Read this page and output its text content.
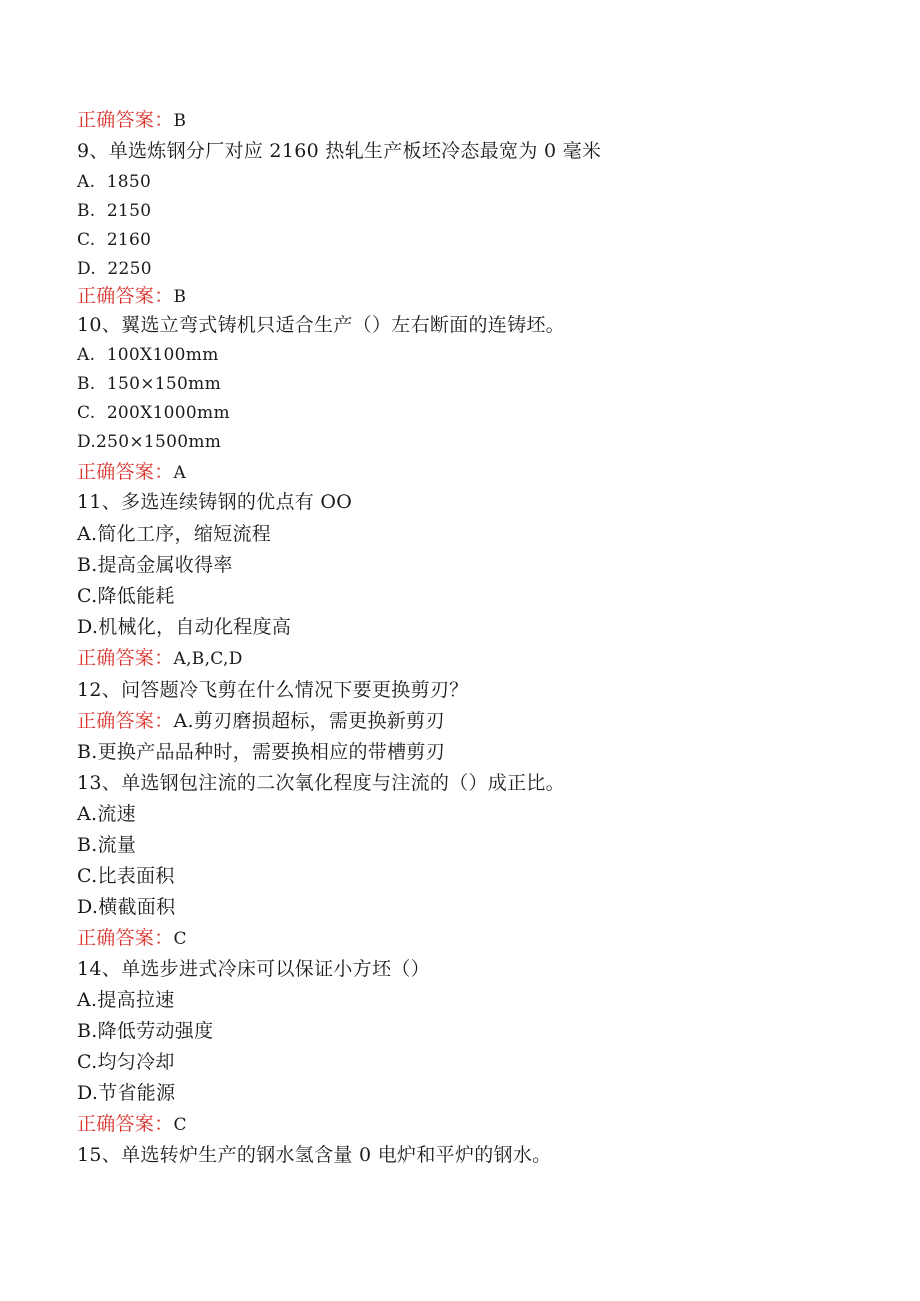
正确答案：B

9、单选炼钢分厂对应 2160 热轧生产板坯冷态最宽为 0 毫米

A.  1850

B.  2150

C.  2160

D.  2250

正确答案：B

10、翼选立弯式铸机只适合生产（）左右断面的连铸坯。

A.  100X100mm

B.  150×150mm

C.  200X1000mm

D.250×1500mm

正确答案：A

11、多选连续铸钢的优点有 OO

A.简化工序，缩短流程

B.提高金属收得率

C.降低能耗

D.机械化，自动化程度高

正确答案：A,B,C,D

12、问答题冷飞剪在什么情况下要更换剪刃？

正确答案：A.剪刃磨损超标，需更换新剪刃

B.更换产品品种时，需要换相应的带槽剪刃

13、单选钢包注流的二次氧化程度与注流的（）成正比。

A.流速

B.流量

C.比表面积

D.横截面积

正确答案：C

14、单选步进式冷床可以保证小方坯（）

A.提高拉速

B.降低劳动强度

C.均匀冷却

D.节省能源

正确答案：C

15、单选转炉生产的钢水氢含量 0 电炉和平炉的钢水。
